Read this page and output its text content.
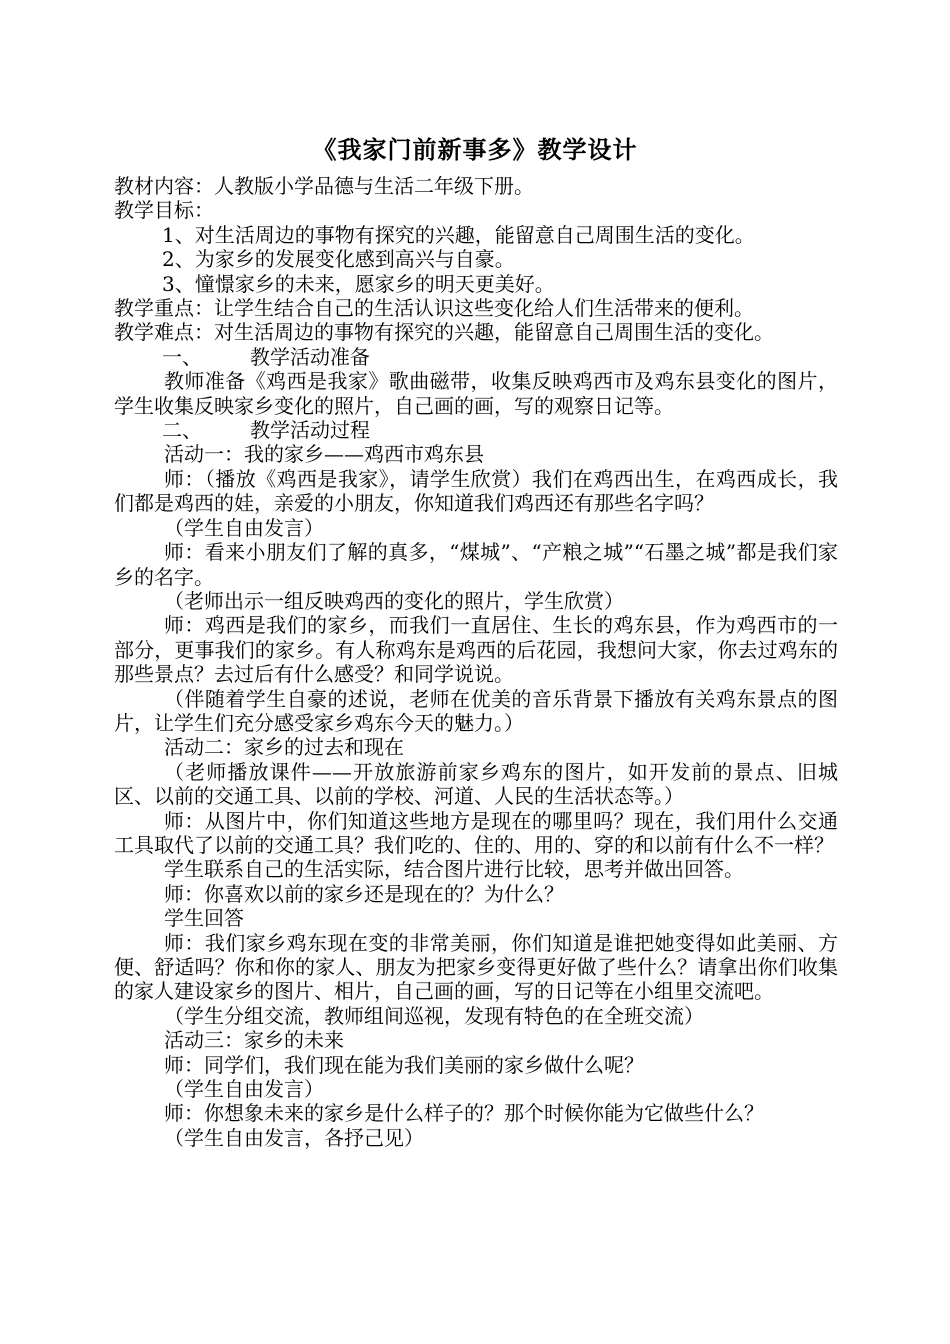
《我家门前新事多》教学设计

教材内容：人教版小学品德与生活二年级下册。

教学目标：

1、对生活周边的事物有探究的兴趣，能留意自己周围生活的变化。

2、为家乡的发展变化感到高兴与自豪。

3、憧憬家乡的未来，愿家乡的明天更美好。

教学重点：让学生结合自己的生活认识这些变化给人们生活带来的便利。

教学难点：对生活周边的事物有探究的兴趣，能留意自己周围生活的变化。

一、 教学活动准备

教师准备《鸡西是我家》歌曲磁带，收集反映鸡西市及鸡东县变化的图片，学生收集反映家乡变化的照片，自己画的画，写的观察日记等。

二、 教学活动过程

活动一：我的家乡——鸡西市鸡东县

师：（播放《鸡西是我家》，请学生欣赏）我们在鸡西出生，在鸡西成长，我们都是鸡西的娃，亲爱的小朋友，你知道我们鸡西还有那些名字吗？

（学生自由发言）

师：看来小朋友们了解的真多，“煤城”、“产粮之城”“石墨之城”都是我们家乡的名字。

（老师出示一组反映鸡西的变化的照片，学生欣赏）

师：鸡西是我们的家乡，而我们一直居住、生长的鸡东县，作为鸡西市的一部分，更事我们的家乡。有人称鸡东是鸡西的后花园，我想问大家，你去过鸡东的那些景点？去过后有什么感受？和同学说说。

（伴随着学生自豪的述说，老师在优美的音乐背景下播放有关鸡东景点的图片，让学生们充分感受家乡鸡东今天的魅力。）

活动二：家乡的过去和现在

（老师播放课件——开放旅游前家乡鸡东的图片，如开发前的景点、旧城区、以前的交通工具、以前的学校、河道、人民的生活状态等。）

师：从图片中，你们知道这些地方是现在的哪里吗？现在，我们用什么交通工具取代了以前的交通工具？我们吃的、住的、用的、穿的和以前有什么不一样？

学生联系自己的生活实际，结合图片进行比较，思考并做出回答。

师：你喜欢以前的家乡还是现在的？为什么？

学生回答

师：我们家乡鸡东现在变的非常美丽，你们知道是谁把她变得如此美丽、方便、舒适吗？你和你的家人、朋友为把家乡变得更好做了些什么？请拿出你们收集的家人建设家乡的图片、相片，自己画的画，写的日记等在小组里交流吧。

（学生分组交流，教师组间巡视，发现有特色的在全班交流）

活动三：家乡的未来

师：同学们，我们现在能为我们美丽的家乡做什么呢？

（学生自由发言）

师：你想象未来的家乡是什么样子的？那个时候你能为它做些什么？

（学生自由发言，各抒己见）
